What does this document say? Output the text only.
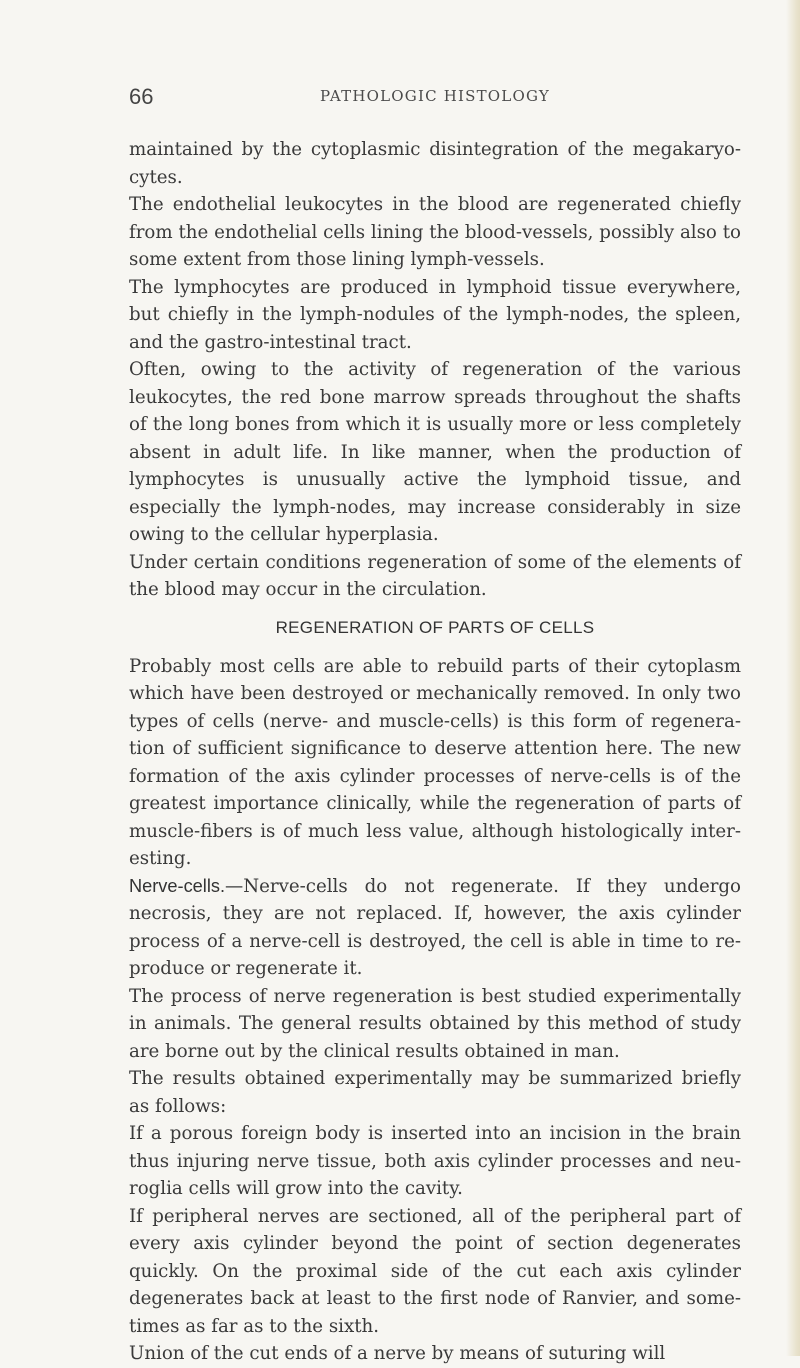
66	PATHOLOGIC HISTOLOGY

maintained by the cytoplasmic disintegration of the megakaryocytes.

The endothelial leukocytes in the blood are regenerated chiefly from the endothelial cells lining the blood-vessels, possibly also to some extent from those lining lymph-vessels.

The lymphocytes are produced in lymphoid tissue everywhere, but chiefly in the lymph-nodules of the lymph-nodes, the spleen, and the gastro-intestinal tract.

Often, owing to the activity of regeneration of the various leukocytes, the red bone marrow spreads throughout the shafts of the long bones from which it is usually more or less completely absent in adult life. In like manner, when the production of lymphocytes is unusually active the lymphoid tissue, and especially the lymph-nodes, may increase considerably in size owing to the cellular hyperplasia.

Under certain conditions regeneration of some of the elements of the blood may occur in the circulation.

REGENERATION OF PARTS OF CELLS

Probably most cells are able to rebuild parts of their cytoplasm which have been destroyed or mechanically removed. In only two types of cells (nerve- and muscle-cells) is this form of regeneration of sufficient significance to deserve attention here. The new formation of the axis cylinder processes of nerve-cells is of the greatest importance clinically, while the regeneration of parts of muscle-fibers is of much less value, although histologically interesting.

Nerve-cells.—Nerve-cells do not regenerate. If they undergo necrosis, they are not replaced. If, however, the axis cylinder process of a nerve-cell is destroyed, the cell is able in time to reproduce or regenerate it.

The process of nerve regeneration is best studied experimentally in animals. The general results obtained by this method of study are borne out by the clinical results obtained in man.

The results obtained experimentally may be summarized briefly as follows:

If a porous foreign body is inserted into an incision in the brain thus injuring nerve tissue, both axis cylinder processes and neuroglia cells will grow into the cavity.

If peripheral nerves are sectioned, all of the peripheral part of every axis cylinder beyond the point of section degenerates quickly. On the proximal side of the cut each axis cylinder degenerates back at least to the first node of Ranvier, and sometimes as far as to the sixth.

Union of the cut ends of a nerve by means of suturing will
